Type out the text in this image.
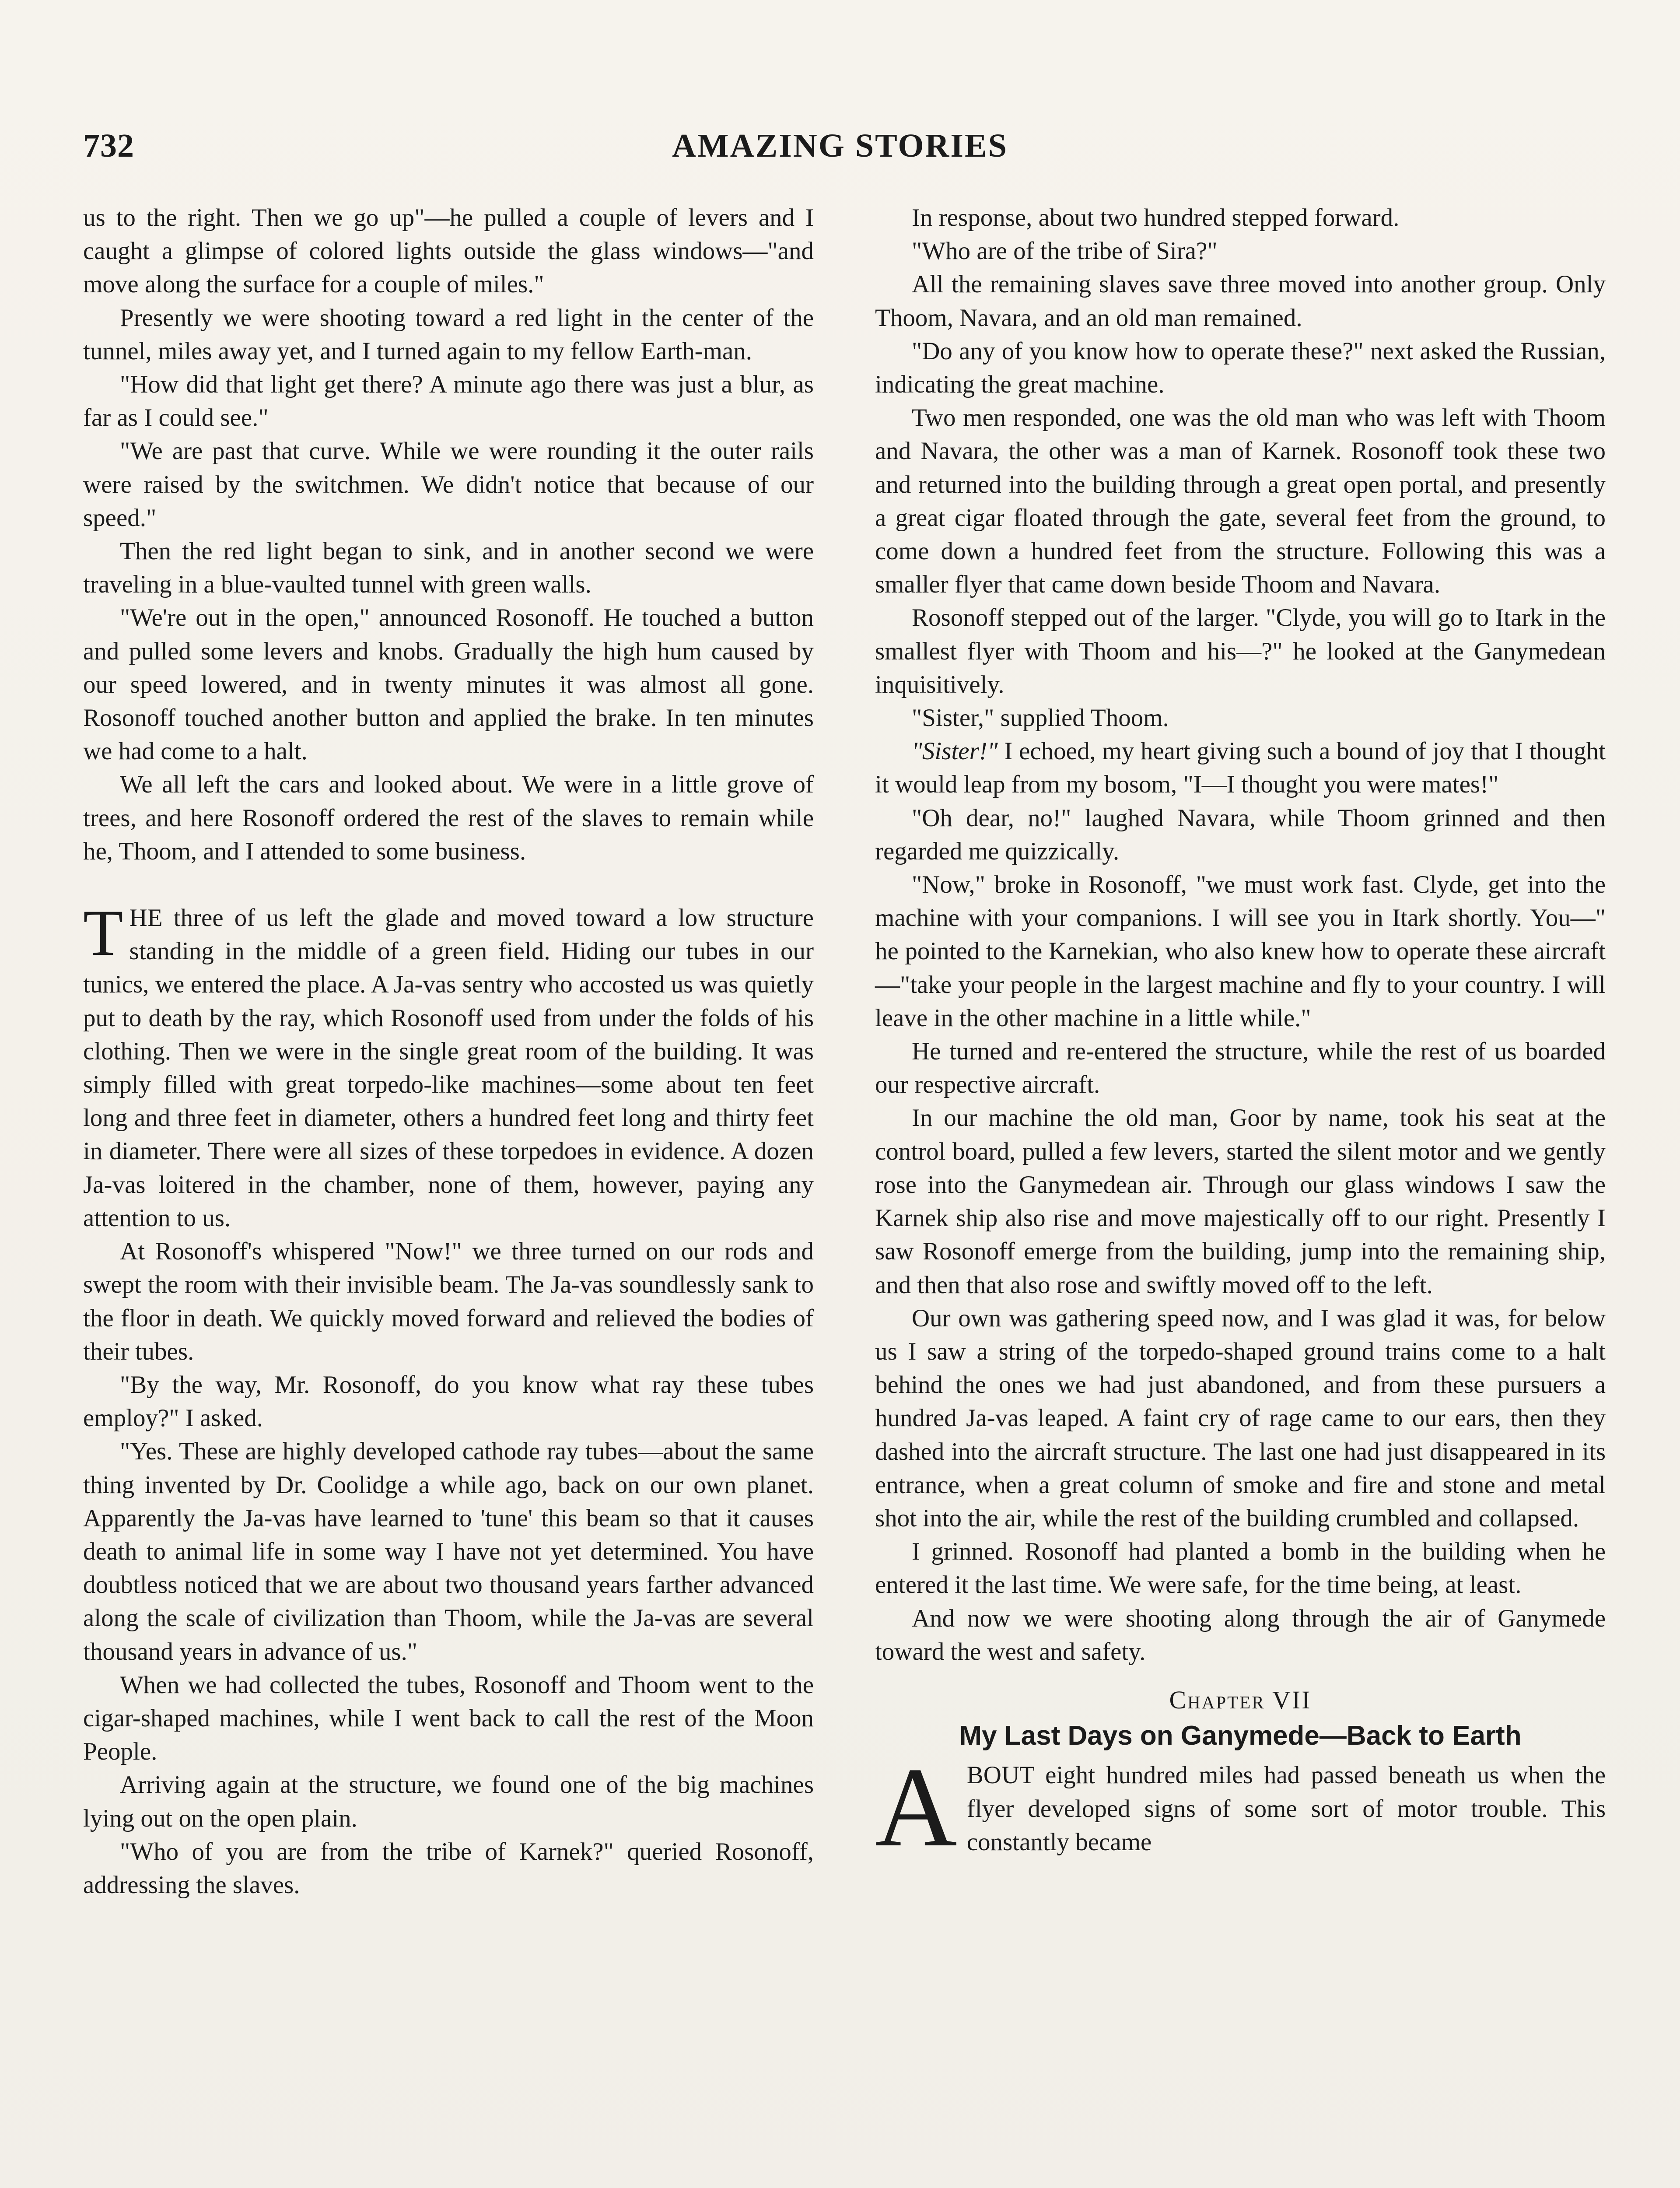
732	AMAZING STORIES

us to the right. Then we go up"—he pulled a couple of levers and I caught a glimpse of colored lights outside the glass windows—"and move along the surface for a couple of miles."

Presently we were shooting toward a red light in the center of the tunnel, miles away yet, and I turned again to my fellow Earth-man.

"How did that light get there? A minute ago there was just a blur, as far as I could see."

"We are past that curve. While we were rounding it the outer rails were raised by the switchmen. We didn't notice that because of our speed."

Then the red light began to sink, and in another second we were traveling in a blue-vaulted tunnel with green walls.

"We're out in the open," announced Rosonoff. He touched a button and pulled some levers and knobs. Gradually the high hum caused by our speed lowered, and in twenty minutes it was almost all gone. Rosonoff touched another button and applied the brake. In ten minutes we had come to a halt.

We all left the cars and looked about. We were in a little grove of trees, and here Rosonoff ordered the rest of the slaves to remain while he, Thoom, and I attended to some business.

THE three of us left the glade and moved toward a low structure standing in the middle of a green field. Hiding our tubes in our tunics, we entered the place. A Ja-vas sentry who accosted us was quietly put to death by the ray, which Rosonoff used from under the folds of his clothing. Then we were in the single great room of the building. It was simply filled with great torpedo-like machines—some about ten feet long and three feet in diameter, others a hundred feet long and thirty feet in diameter. There were all sizes of these torpedoes in evidence. A dozen Ja-vas loitered in the chamber, none of them, however, paying any attention to us.

At Rosonoff's whispered "Now!" we three turned on our rods and swept the room with their invisible beam. The Ja-vas soundlessly sank to the floor in death. We quickly moved forward and relieved the bodies of their tubes.

"By the way, Mr. Rosonoff, do you know what ray these tubes employ?" I asked.

"Yes. These are highly developed cathode ray tubes—about the same thing invented by Dr. Coolidge a while ago, back on our own planet. Apparently the Ja-vas have learned to 'tune' this beam so that it causes death to animal life in some way I have not yet determined. You have doubtless noticed that we are about two thousand years farther advanced along the scale of civilization than Thoom, while the Ja-vas are several thousand years in advance of us."

When we had collected the tubes, Rosonoff and Thoom went to the cigar-shaped machines, while I went back to call the rest of the Moon People.

Arriving again at the structure, we found one of the big machines lying out on the open plain.

"Who of you are from the tribe of Karnek?" queried Rosonoff, addressing the slaves.

In response, about two hundred stepped forward.

"Who are of the tribe of Sira?"

All the remaining slaves save three moved into another group. Only Thoom, Navara, and an old man remained.

"Do any of you know how to operate these?" next asked the Russian, indicating the great machine.

Two men responded, one was the old man who was left with Thoom and Navara, the other was a man of Karnek. Rosonoff took these two and returned into the building through a great open portal, and presently a great cigar floated through the gate, several feet from the ground, to come down a hundred feet from the structure. Following this was a smaller flyer that came down beside Thoom and Navara.

Rosonoff stepped out of the larger. "Clyde, you will go to Itark in the smallest flyer with Thoom and his—?" he looked at the Ganymedean inquisitively.

"Sister," supplied Thoom.

"Sister!" I echoed, my heart giving such a bound of joy that I thought it would leap from my bosom, "I—I thought you were mates!"

"Oh dear, no!" laughed Navara, while Thoom grinned and then regarded me quizzically.

"Now," broke in Rosonoff, "we must work fast. Clyde, get into the machine with your companions. I will see you in Itark shortly. You—" he pointed to the Karnekian, who also knew how to operate these aircraft—"take your people in the largest machine and fly to your country. I will leave in the other machine in a little while."

He turned and re-entered the structure, while the rest of us boarded our respective aircraft.

In our machine the old man, Goor by name, took his seat at the control board, pulled a few levers, started the silent motor and we gently rose into the Ganymedean air. Through our glass windows I saw the Karnek ship also rise and move majestically off to our right. Presently I saw Rosonoff emerge from the building, jump into the remaining ship, and then that also rose and swiftly moved off to the left.

Our own was gathering speed now, and I was glad it was, for below us I saw a string of the torpedo-shaped ground trains come to a halt behind the ones we had just abandoned, and from these pursuers a hundred Ja-vas leaped. A faint cry of rage came to our ears, then they dashed into the aircraft structure. The last one had just disappeared in its entrance, when a great column of smoke and fire and stone and metal shot into the air, while the rest of the building crumbled and collapsed.

I grinned. Rosonoff had planted a bomb in the building when he entered it the last time. We were safe, for the time being, at least.

And now we were shooting along through the air of Ganymede toward the west and safety.

Chapter VII
My Last Days on Ganymede—Back to Earth

ABOUT eight hundred miles had passed beneath us when the flyer developed signs of some sort of motor trouble. This constantly became
